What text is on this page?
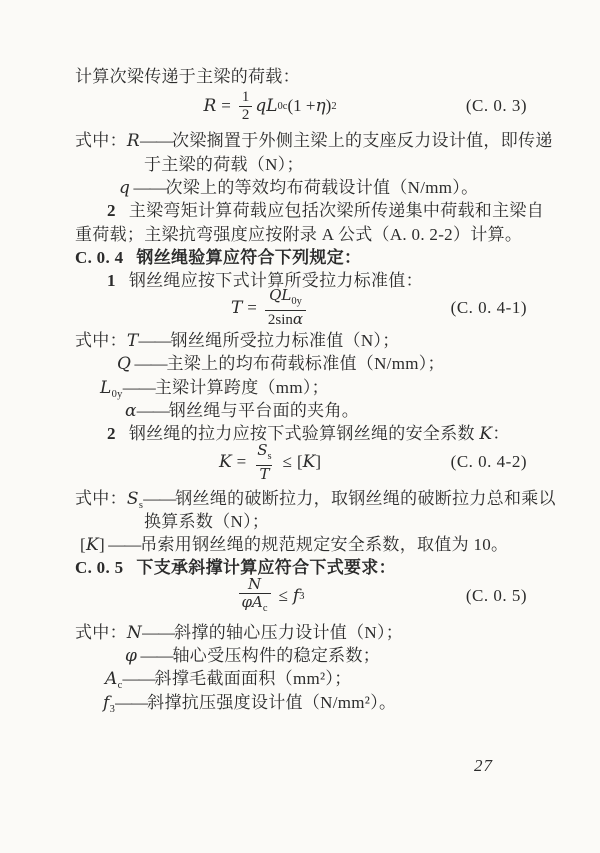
计算次梁传递于主梁的荷载：
$R = \frac{1}{2}$ q L 0c (1 + η ) 2	(C. 0. 3)
式中：R——次梁搁置于外侧主梁上的支座反力设计值，即传递
于主梁的荷载（N）；
q ——次梁上的等效均布荷载设计值（N/mm）。
2 主梁弯矩计算荷载应包括次梁所传递集中荷载和主梁自
重荷载；主梁抗弯强度应按附录 A 公式（A. 0. 2-2）计算。
C. 0. 4 钢丝绳验算应符合下列规定：
1 钢丝绳应按下式计算所受拉力标准值：
$T = \frac{QL_{0y}}{2\sin\alpha}$	(C. 0. 4-1)
式中：T——钢丝绳所受拉力标准值（N）；
Q ——主梁上的均布荷载标准值（N/mm）；
$L_{0y}——$主梁计算跨度（mm）；
α——钢丝绳与平台面的夹角。
2 钢丝绳的拉力应按下式验算钢丝绳的安全系数 K：
$K = \frac{S_s}{T}$ ≤ [ K ]	(C. 0. 4-2)
式中：$S_s——$钢丝绳的破断拉力，取钢丝绳的破断拉力总和乘以
换算系数（N）；
[K] ——吊索用钢丝绳的规范规定安全系数，取值为 10。
C. 0. 5 下支承斜撑计算应符合下式要求：
$\frac{N}{\varphi A_c} \le f$ 3	(C. 0. 5)
式中：N——斜撑的轴心压力设计值（N）；
φ ——轴心受压构件的稳定系数；
$A_c——$斜撑毛截面面积（mm²）；
$f_3——$斜撑抗压强度设计值（N/mm²）。
27
